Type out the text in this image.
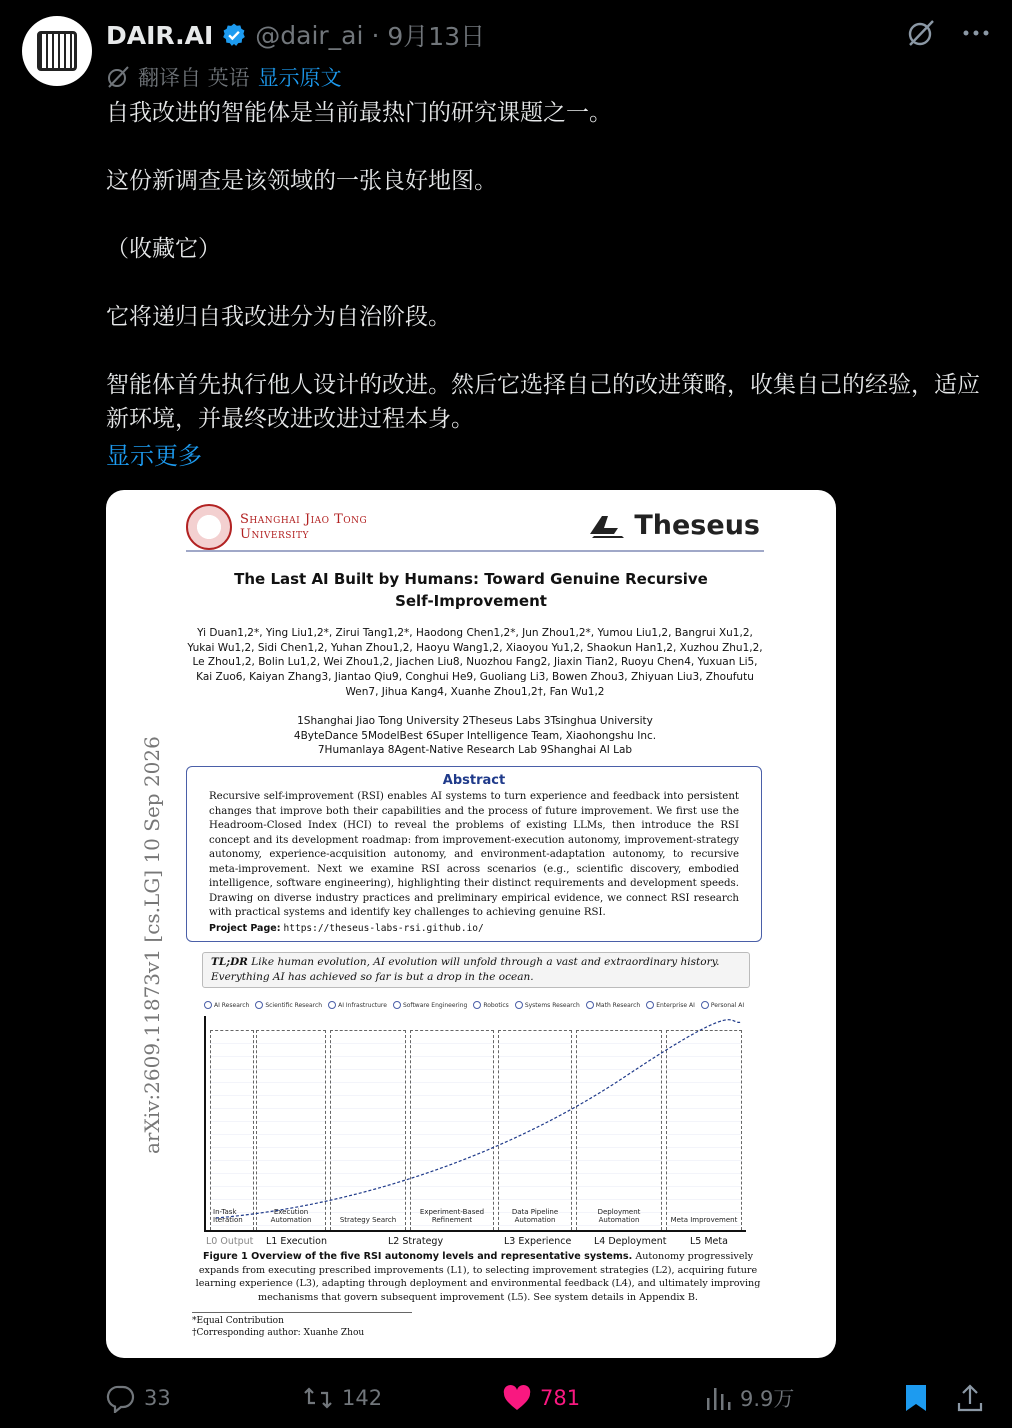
DAIR.AI @dair_ai · 9月13日
翻译自 英语 显示原文

自我改进的智能体是当前最热门的研究课题之一。

这份新调查是该领域的一张良好地图。

（收藏它）

它将递归自我改进分为自治阶段。

智能体首先执行他人设计的改进。然后它选择自己的改进策略，收集自己的经验，适应新环境，并最终改进改进过程本身。

显示更多
Shanghai Jiao Tong
University	Theseus
The Last AI Built by Humans: Toward Genuine Recursive
Self-Improvement
Yi Duan1,2*, Ying Liu1,2*, Zirui Tang1,2*, Haodong Chen1,2*, Jun Zhou1,2*, Yumou Liu1,2, Bangrui Xu1,2, Yukai Wu1,2, Sidi Chen1,2, Yuhan Zhou1,2, Haoyu Wang1,2, Xiaoyou Yu1,2, Shaokun Han1,2, Xuzhou Zhu1,2, Le Zhou1,2, Bolin Lu1,2, Wei Zhou1,2, Jiachen Liu8, Nuozhou Fang2, Jiaxin Tian2, Ruoyu Chen4, Yuxuan Li5, Kai Zuo6, Kaiyan Zhang3, Jiantao Qiu9, Conghui He9, Guoliang Li3, Bowen Zhou3, Zhiyuan Liu3, Zhoufutu Wen7, Jihua Kang4, Xuanhe Zhou1,2†, Fan Wu1,2
1Shanghai Jiao Tong University 2Theseus Labs 3Tsinghua University
4ByteDance 5ModelBest 6Super Intelligence Team, Xiaohongshu Inc.
7Humanlaya 8Agent-Native Research Lab 9Shanghai AI Lab
arXiv:2609.11873v1 [cs.LG] 10 Sep 2026	Abstract
Recursive self-improvement (RSI) enables AI systems to turn experience and feedback into persistent changes that improve both their capabilities and the process of future improvement. We first use the Headroom-Closed Index (HCI) to reveal the problems of existing LLMs, then introduce the RSI concept and its development roadmap: from improvement-execution autonomy, improvement-strategy autonomy, experience-acquisition autonomy, and environment-adaptation autonomy, to recursive meta-improvement. Next we examine RSI across scenarios (e.g., scientific discovery, embodied intelligence, software engineering), highlighting their distinct requirements and development speeds. Drawing on diverse industry practices and preliminary empirical evidence, we connect RSI research with practical systems and identify key challenges to achieving genuine RSI.
Project Page: https://theseus-labs-rsi.github.io/
TL;DR Like human evolution, AI evolution will unfold through a vast and extraordinary history. Everything AI has achieved so far is but a drop in the ocean.
AI Research	Scientific Research	AI Infrastructure	Software Engineering	Robotics	Systems Research	Math Research	Enterprise AI	Personal AI
In-Task Iteration
Execution Automation	Strategy Search
Experiment-Based Refinement
Data Pipeline Automation
Deployment Automation	Meta Improvement
L0 Output L1 Execution	L2 Strategy	L3 Experience L4 Deployment L5 Meta
Figure 1 Overview of the five RSI autonomy levels and representative systems. Autonomy progressively expands from executing prescribed improvements (L1), to selecting improvement strategies (L2), acquiring future learning experience (L3), adapting through deployment and environmental feedback (L4), and ultimately improving mechanisms that govern subsequent improvement (L5). See system details in Appendix B.
*Equal Contribution
†Corresponding author: Xuanhe Zhou
33	142	781	9.9万
